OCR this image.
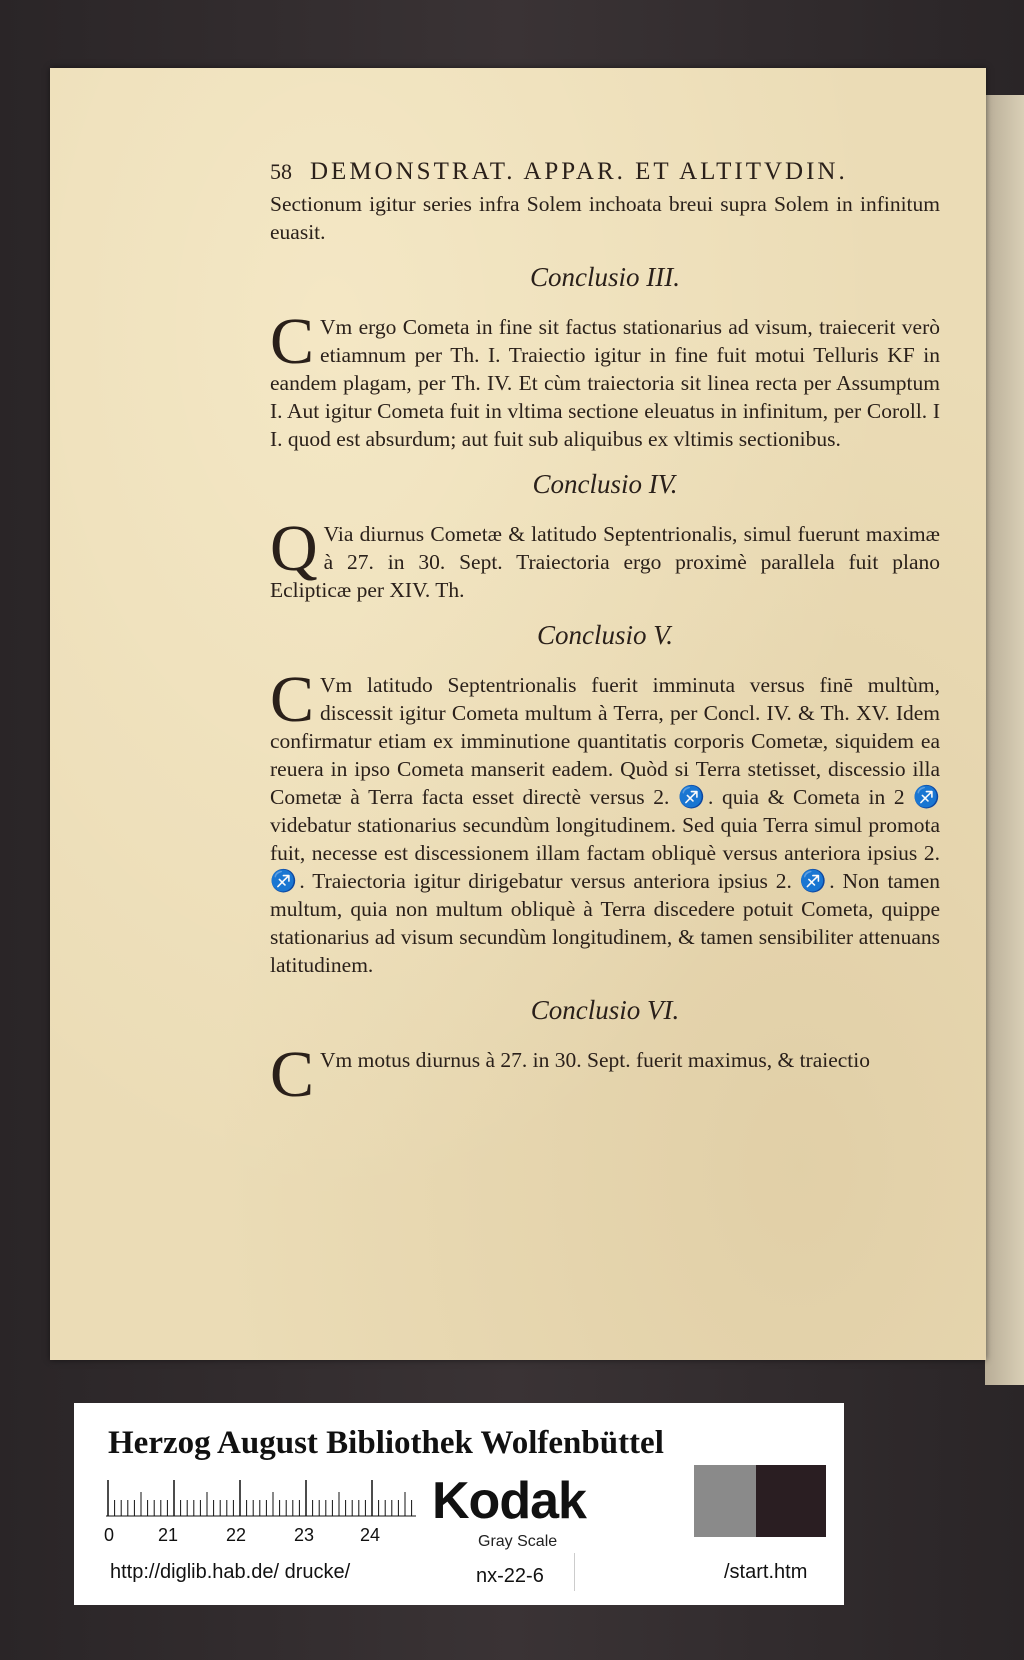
58 DEMONSTRAT. APPAR. ET ALTITVDIN.

Sectionum igitur series infra Solem inchoata breui supra Solem in infinitum euasit.

Conclusio III.

C Vm ergo Cometa in fine sit factus stationarius ad visum, traiecerit verò etiamnum per Th. I. Traiectio igitur in fine fuit motui Telluris KF in eandem plagam, per Th. IV. Et cùm traiectoria sit linea recta per Assumptum I. Aut igitur Cometa fuit in vltima sectione eleuatus in infinitum, per Coroll. I I. quod est absurdum; aut fuit sub aliquibus ex vltimis sectionibus.

Conclusio IV.

Q Via diurnus Cometæ & latitudo Septentrionalis, simul fuerunt maximæ à 27. in 30. Sept. Traiectoria ergo proximè parallela fuit plano Eclipticæ per XIV. Th.

Conclusio V.

C Vm latitudo Septentrionalis fuerit imminuta versus finē multùm, discessit igitur Cometa multum à Terra, per Concl. IV. & Th. XV. Idem confirmatur etiam ex imminutione quantitatis corporis Cometæ, siquidem ea reuera in ipso Cometa manserit eadem. Quòd si Terra stetisset, discessio illa Cometæ à Terra facta esset directè versus 2. ♐. quia & Cometa in 2 ♐ videbatur stationarius secundùm longitudinem. Sed quia Terra simul promota fuit, necesse est discessionem illam factam obliquè versus anteriora ipsius 2. ♐. Traiectoria igitur dirigebatur versus anteriora ipsius 2. ♐. Non tamen multum, quia non multum obliquè à Terra discedere potuit Cometa, quippe stationarius ad visum secundùm longitudinem, & tamen sensibiliter attenuans latitudinem.

Conclusio VI.

C Vm motus diurnus à 27. in 30. Sept. fuerit maximus, & traiectio

Herzog August Bibliothek Wolfenbüttel
0 21	22	23	24
Kodak
Gray Scale
http://diglib.hab.de/ drucke/	nx-22-6	/start.htm
